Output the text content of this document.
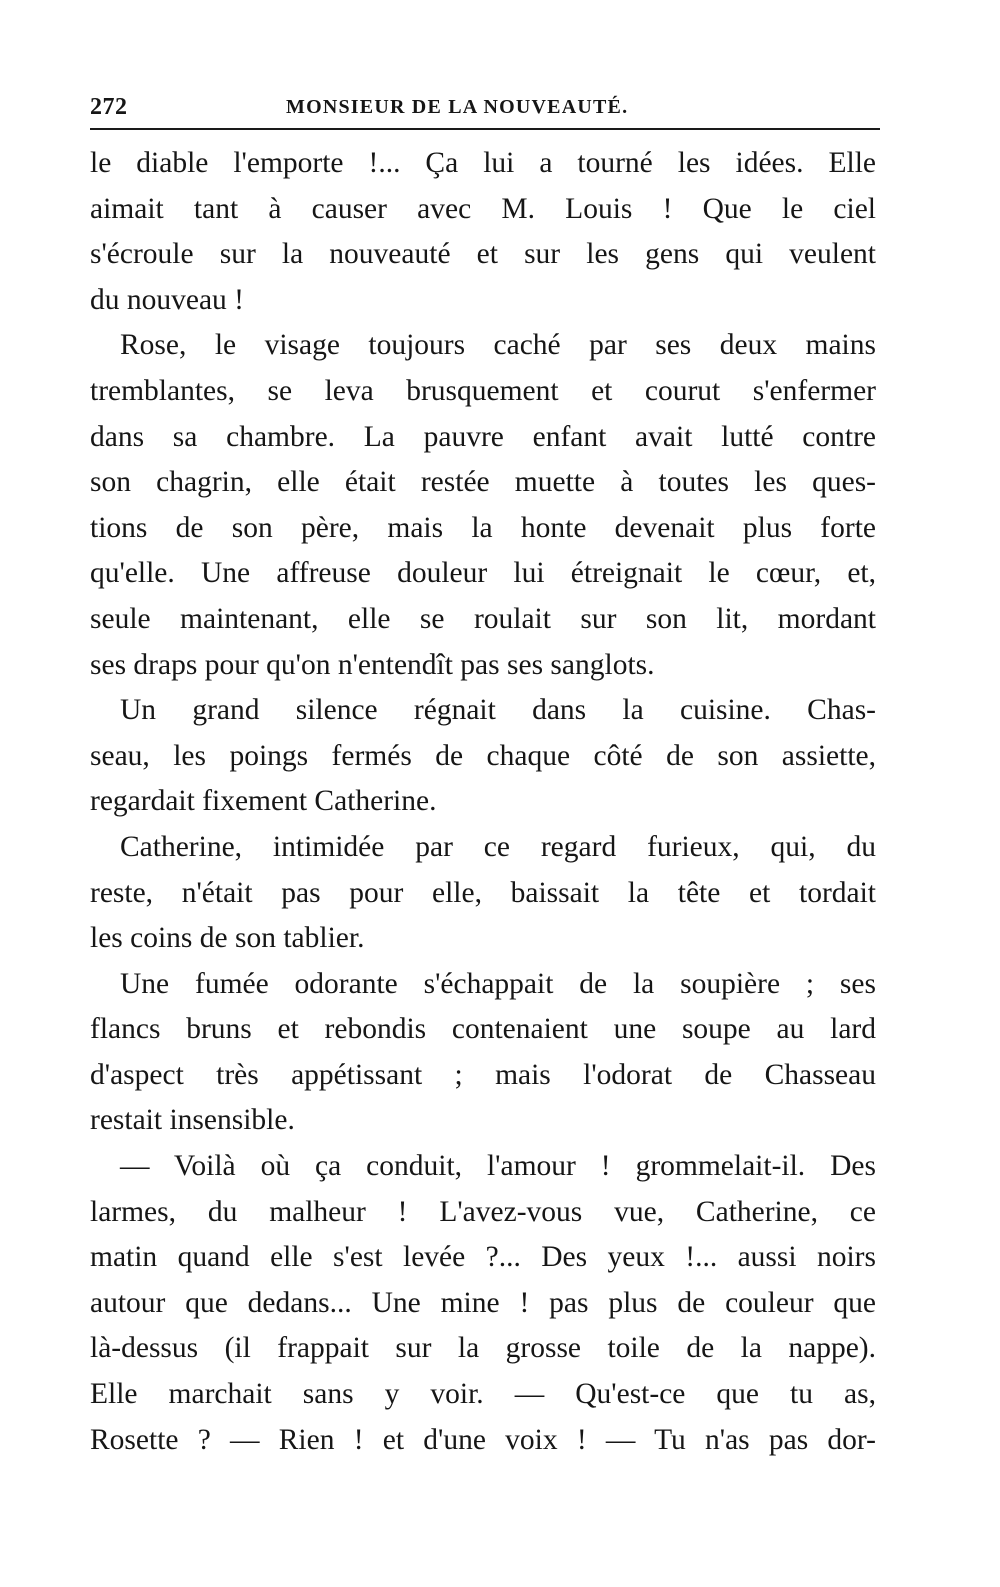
272	MONSIEUR DE LA NOUVEAUTÉ.
le diable l'emporte !... Ça lui a tourné les idées. Elle
aimait tant à causer avec M. Louis ! Que le ciel
s'écroule sur la nouveauté et sur les gens qui veulent
du nouveau !
Rose, le visage toujours caché par ses deux mains
tremblantes, se leva brusquement et courut s'enfermer
dans sa chambre. La pauvre enfant avait lutté contre
son chagrin, elle était restée muette à toutes les ques-
tions de son père, mais la honte devenait plus forte
qu'elle. Une affreuse douleur lui étreignait le cœur, et,
seule maintenant, elle se roulait sur son lit, mordant
ses draps pour qu'on n'entendît pas ses sanglots.
Un grand silence régnait dans la cuisine. Chas-
seau, les poings fermés de chaque côté de son assiette,
regardait fixement Catherine.
Catherine, intimidée par ce regard furieux, qui, du
reste, n'était pas pour elle, baissait la tête et tordait
les coins de son tablier.
Une fumée odorante s'échappait de la soupière ; ses
flancs bruns et rebondis contenaient une soupe au lard
d'aspect très appétissant ; mais l'odorat de Chasseau
restait insensible.
— Voilà où ça conduit, l'amour ! grommelait-il. Des
larmes, du malheur ! L'avez-vous vue, Catherine, ce
matin quand elle s'est levée ?... Des yeux !... aussi noirs
autour que dedans... Une mine ! pas plus de couleur que
là-dessus (il frappait sur la grosse toile de la nappe).
Elle marchait sans y voir. — Qu'est-ce que tu as,
Rosette ? — Rien ! et d'une voix ! — Tu n'as pas dor-
